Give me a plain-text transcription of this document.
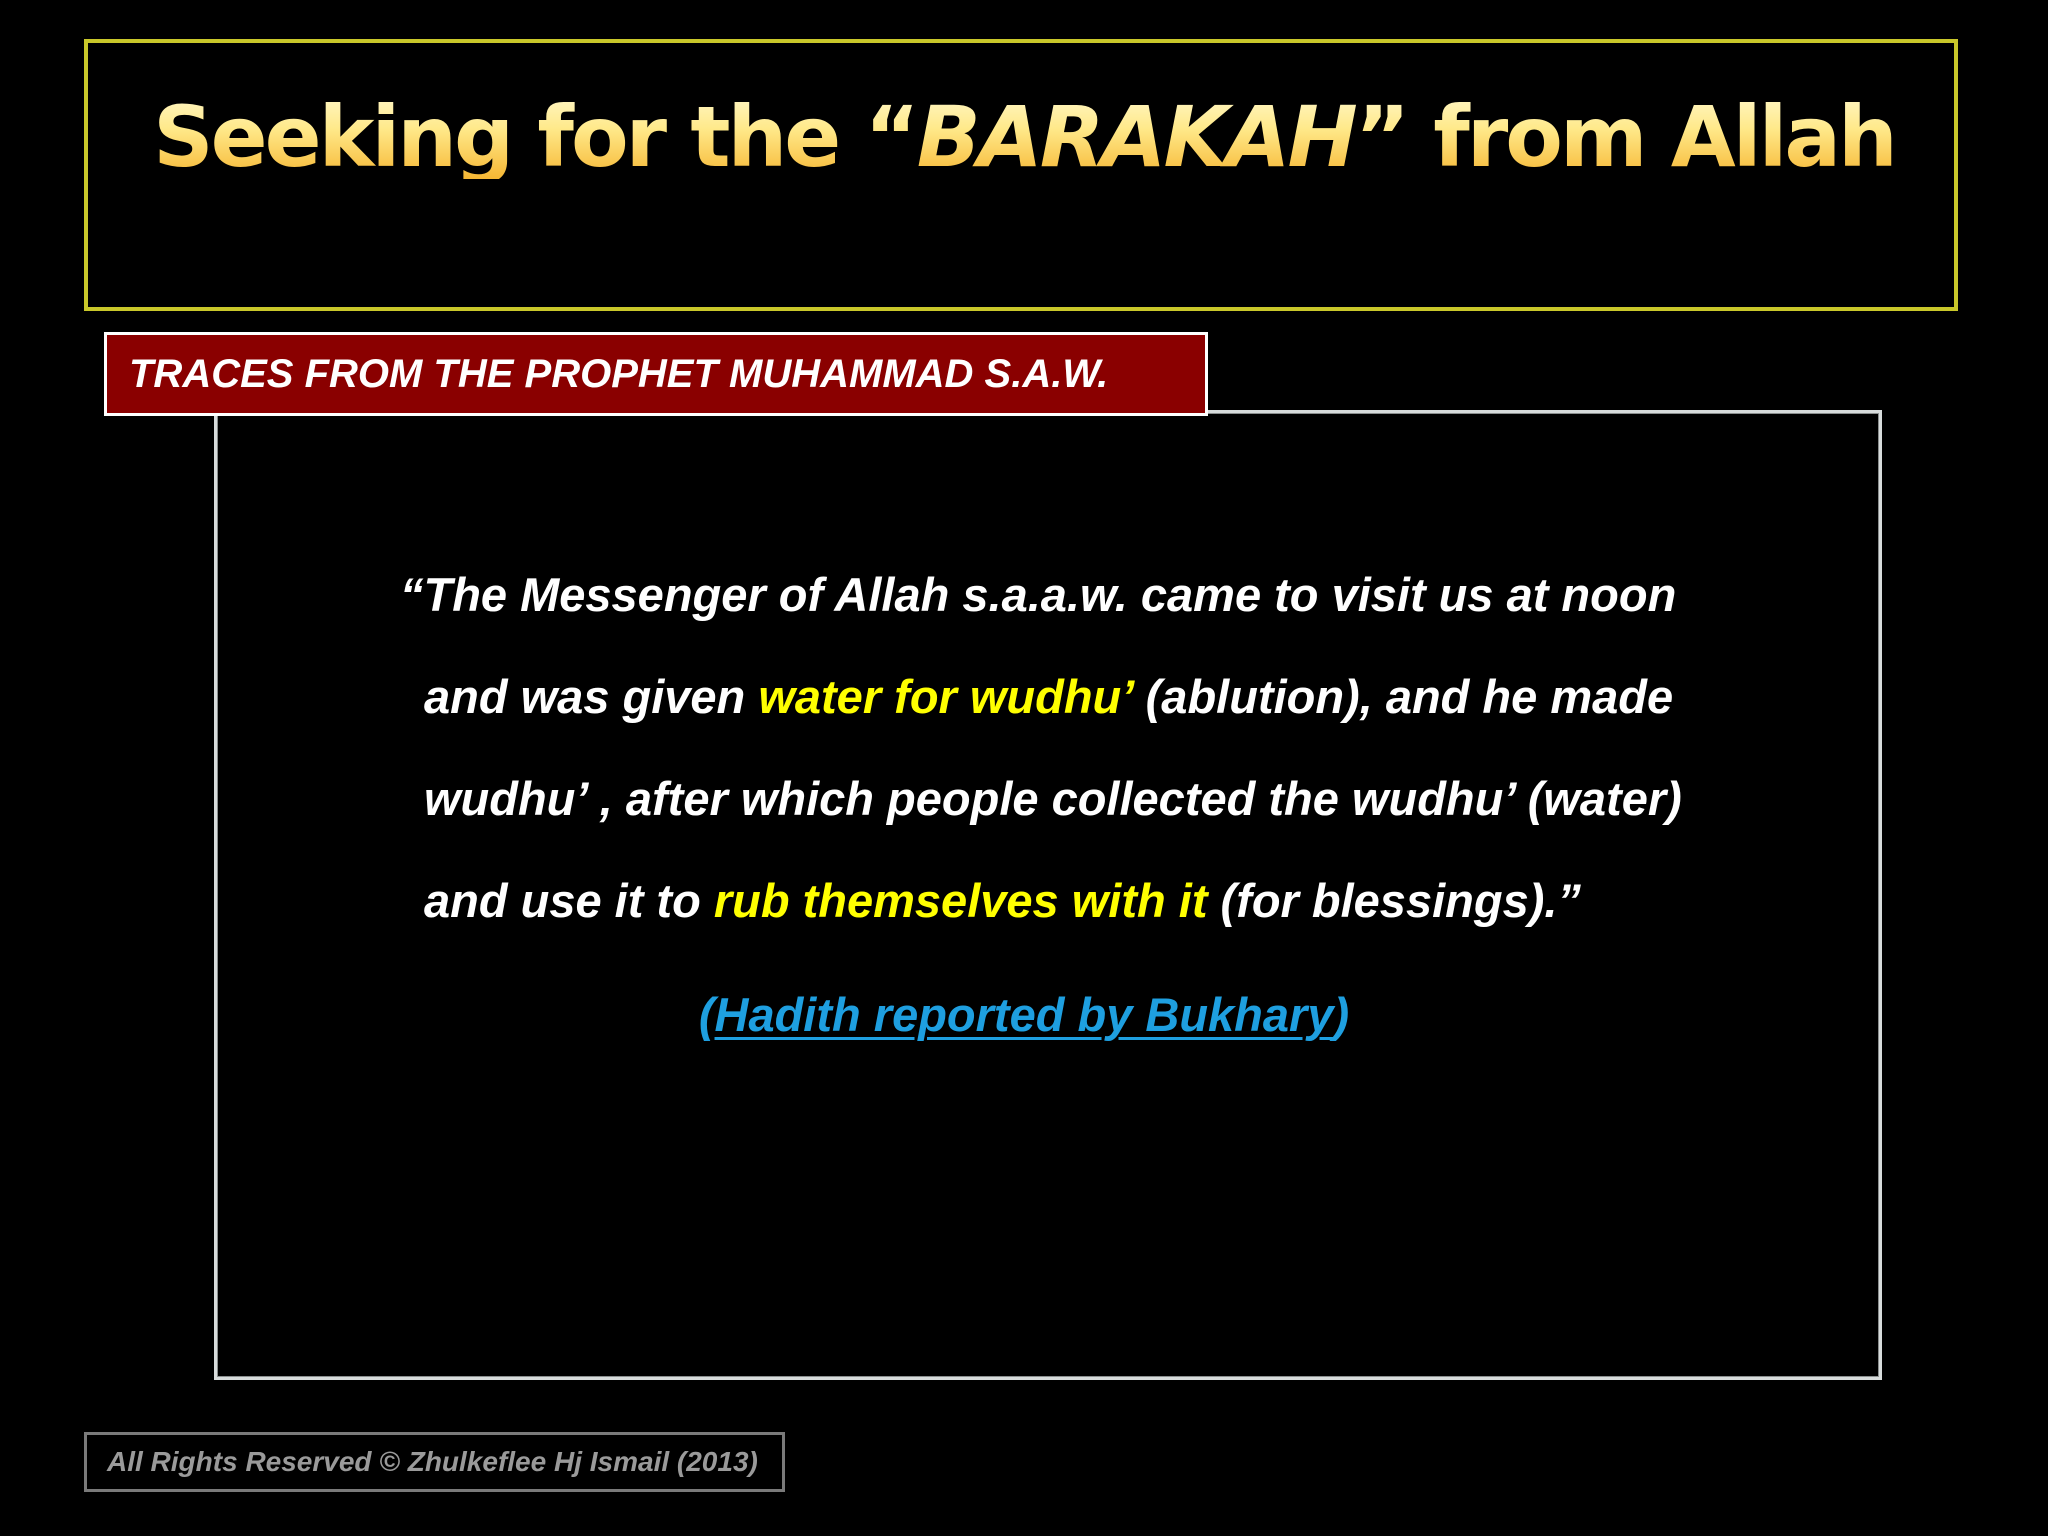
Seeking for the “BARAKAH” from Allah
TRACES FROM THE PROPHET MUHAMMAD S.A.W.
“The Messenger of Allah s.a.a.w. came to visit us at noon
and was given water for wudhu’ (ablution), and he made
wudhu’ , after which people collected the wudhu’ (water)
and use it to rub themselves with it (for blessings).”
(Hadith reported by Bukhary)
All Rights Reserved © Zhulkeflee Hj Ismail (2013)
